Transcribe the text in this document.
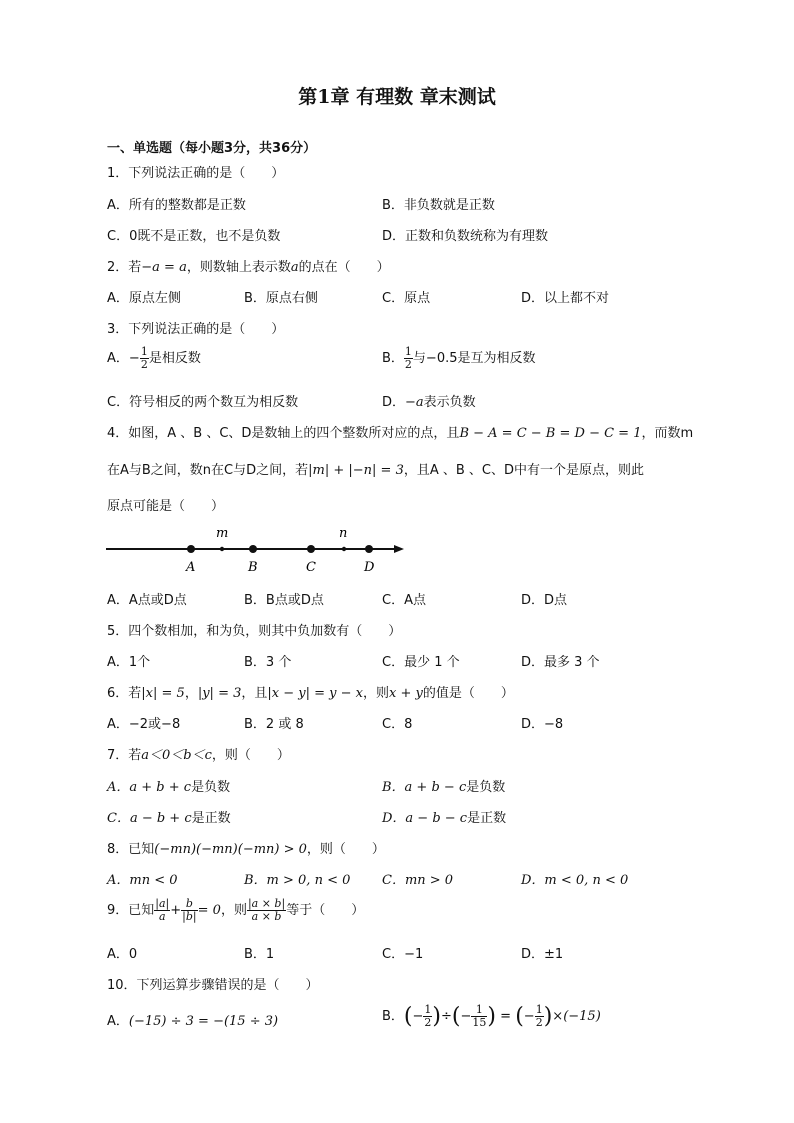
第1章 有理数 章末测试
一、单选题（每小题3分，共36分）
1．下列说法正确的是（　　）
A．所有的整数都是正数	B．非负数就是正数
C．0既不是正数，也不是负数	D．正数和负数统称为有理数
2．若−a = a，则数轴上表示数a的点在（　　）
A．原点左侧	B．原点右侧	C．原点	D．以上都不对
3．下列说法正确的是（　　）
A．− $\frac{1}{2}$ 是相反数	B． $\frac{1}{2}$ 与−0.5是互为相反数
C．符号相反的两个数互为相反数	D．−a表示负数
4．如图，A 、B 、C、D是数轴上的四个整数所对应的点，且B − A = C − B = D − C = 1，而数m
在A与B之间，数n在C与D之间，若|m| + |−n| = 3，且A 、B 、C、D中有一个是原点，则此
原点可能是（　　）
m	n
A	B	C	D
A．A点或D点	B．B点或D点	C．A点	D．D点
5．四个数相加，和为负，则其中负加数有（　　）
A．1个	B．3 个	C．最少 1 个	D．最多 3 个
6．若|x| = 5，|y| = 3，且|x − y| = y − x，则x + y的值是（　　）
A．−2或−8	B．2 或 8	C．8	D．−8
7．若a＜0＜b＜c，则（　　）
A．a + b + c是负数	B．a + b − c是负数
C．a − b + c是正数	D．a − b − c是正数
8．已知(−mn)(−mn)(−mn) > 0，则（　　）
A．mn < 0	B．m > 0, n < 0 C．mn > 0	D．m < 0, n < 0
9．已知 $\frac{|a|}{a} + \frac{b}{|b|} = 0$，则 $\frac{|a \times b|}{a \times b}$ 等于（　　）
A．0	B．1	C．−1	D．±1
10．下列运算步骤错误的是（　　）
A．(−15) ÷ 3 = −(15 ÷ 3)	B．(− $\frac{1}{2}$ )÷(− $\frac{1}{15}$ ) = (− $\frac{1}{2} )\times(-15)$
